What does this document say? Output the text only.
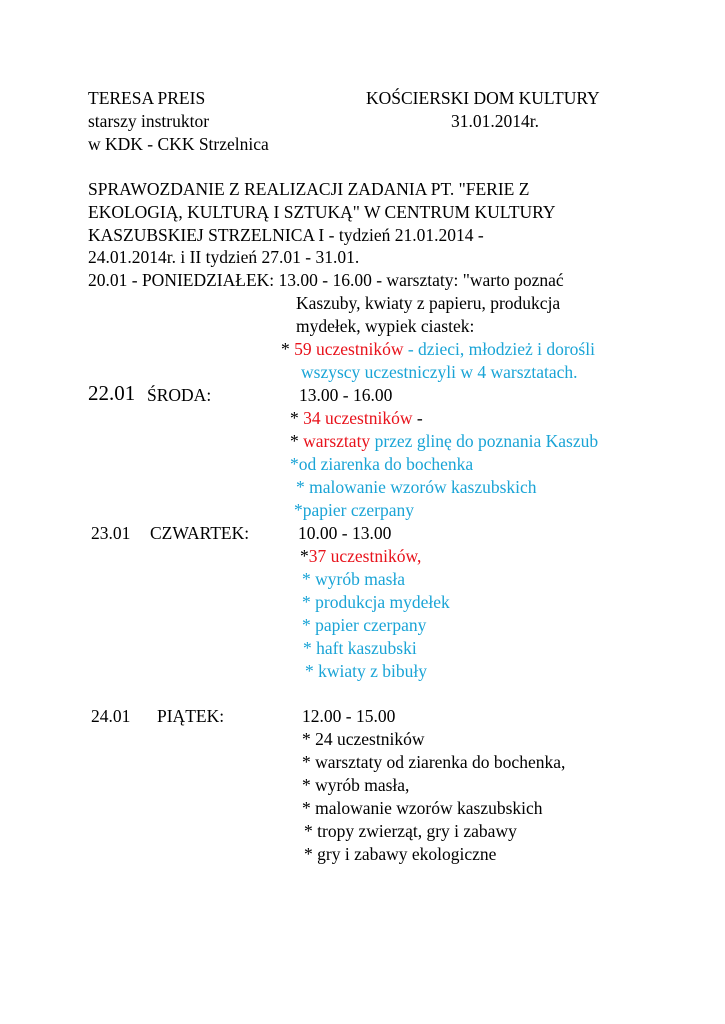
TERESA PREIS
starszy instruktor
w KDK - CKK Strzelnica
KOŚCIERSKI DOM KULTURY
31.01.2014r.
SPRAWOZDANIE Z REALIZACJI ZADANIA PT. "FERIE Z
EKOLOGIĄ, KULTURĄ I SZTUKĄ" W CENTRUM KULTURY
KASZUBSKIEJ STRZELNICA I - tydzień 21.01.2014 -
24.01.2014r. i II tydzień 27.01 - 31.01.
20.01 - PONIEDZIAŁEK: 13.00 - 16.00 - warsztaty: "warto poznać
Kaszuby, kwiaty z papieru, produkcja
mydełek, wypiek ciastek:
* 59 uczestników - dzieci, młodzież i dorośli
wszyscy uczestniczyli w 4 warsztatach.
22.01 ŚRODA:	13.00 - 16.00
* 34 uczestników -
* warsztaty przez glinę do poznania Kaszub
*od ziarenka do bochenka
* malowanie wzorów kaszubskich
*papier czerpany
23.01 CZWARTEK:	10.00 - 13.00
*37 uczestników,
* wyrób masła
* produkcja mydełek
* papier czerpany
* haft kaszubski
* kwiaty z bibuły
24.01 PIĄTEK:	12.00 - 15.00
* 24 uczestników
* warsztaty od ziarenka do bochenka,
* wyrób masła,
* malowanie wzorów kaszubskich
* tropy zwierząt, gry i zabawy
* gry i zabawy ekologiczne
